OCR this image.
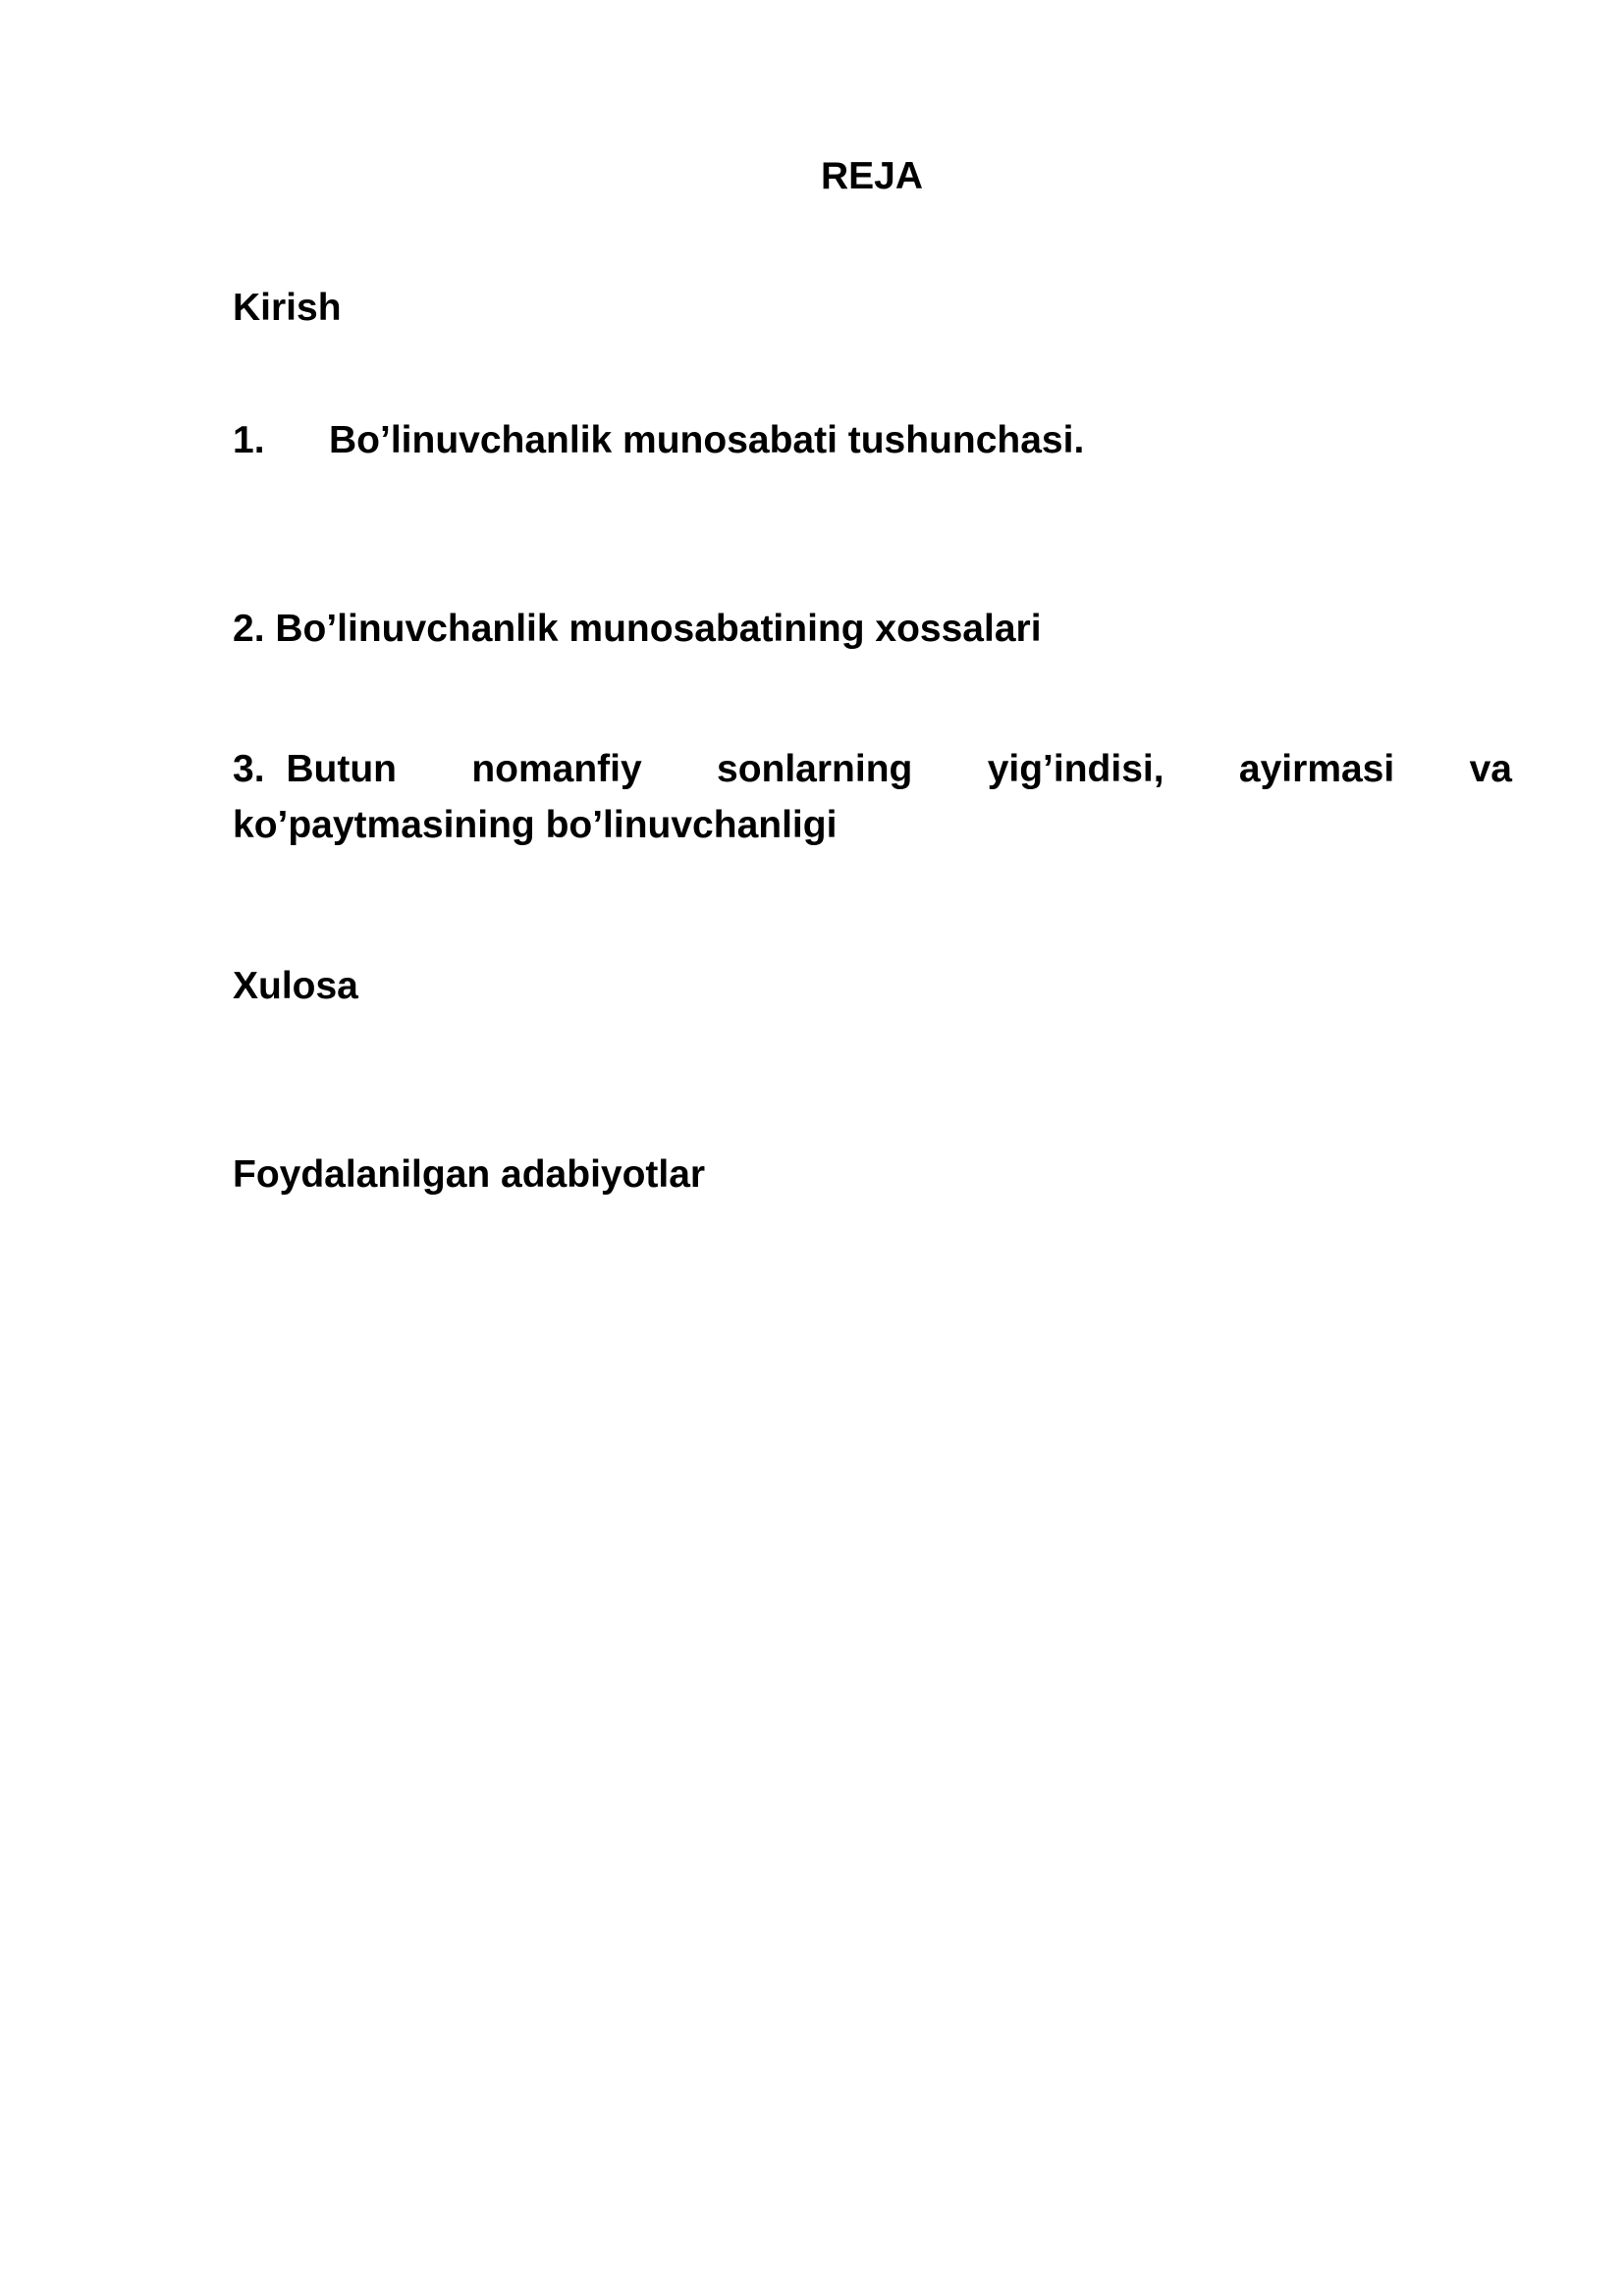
REJA
Kirish
1. Bo’linuvchanlik munosabati tushunchasi.
2. Bo’linuvchanlik munosabatining xossalari
3. Butun nomanfiy sonlarning yig’indisi, ayirmasi va
ko’paytmasining bo’linuvchanligi
Xulosa
Foydalanilgan adabiyotlar
